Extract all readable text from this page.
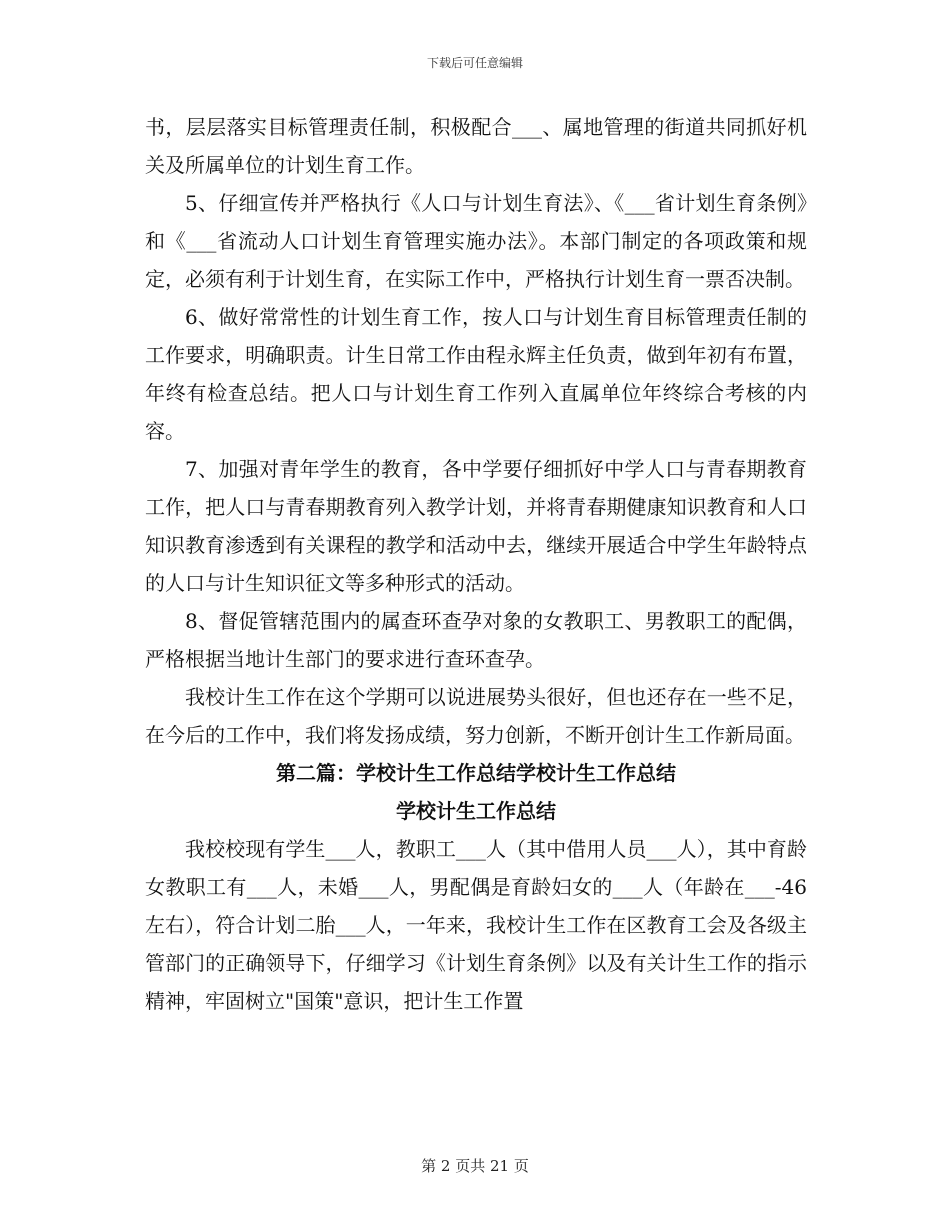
下载后可任意编辑

书，层层落实目标管理责任制，积极配合___、属地管理的街道共同抓好机关及所属单位的计划生育工作。

5、仔细宣传并严格执行《人口与计划生育法》、《___省计划生育条例》和《___省流动人口计划生育管理实施办法》。本部门制定的各项政策和规定，必须有利于计划生育，在实际工作中，严格执行计划生育一票否决制。

6、做好常常性的计划生育工作，按人口与计划生育目标管理责任制的工作要求，明确职责。计生日常工作由程永辉主任负责，做到年初有布置，年终有检查总结。把人口与计划生育工作列入直属单位年终综合考核的内容。

7、加强对青年学生的教育，各中学要仔细抓好中学人口与青春期教育工作，把人口与青春期教育列入教学计划，并将青春期健康知识教育和人口知识教育渗透到有关课程的教学和活动中去，继续开展适合中学生年龄特点的人口与计生知识征文等多种形式的活动。

8、督促管辖范围内的属查环查孕对象的女教职工、男教职工的配偶，严格根据当地计生部门的要求进行查环查孕。

我校计生工作在这个学期可以说进展势头很好，但也还存在一些不足，在今后的工作中，我们将发扬成绩，努力创新，不断开创计生工作新局面。

第二篇：学校计生工作总结学校计生工作总结

学校计生工作总结

我校校现有学生___人，教职工___人（其中借用人员___人），其中育龄女教职工有___人，未婚___人，男配偶是育龄妇女的___人（年龄在___-46左右），符合计划二胎___人，一年来，我校计生工作在区教育工会及各级主管部门的正确领导下，仔细学习《计划生育条例》以及有关计生工作的指示精神，牢固树立"国策"意识，把计生工作置

第 2 页共 21 页
